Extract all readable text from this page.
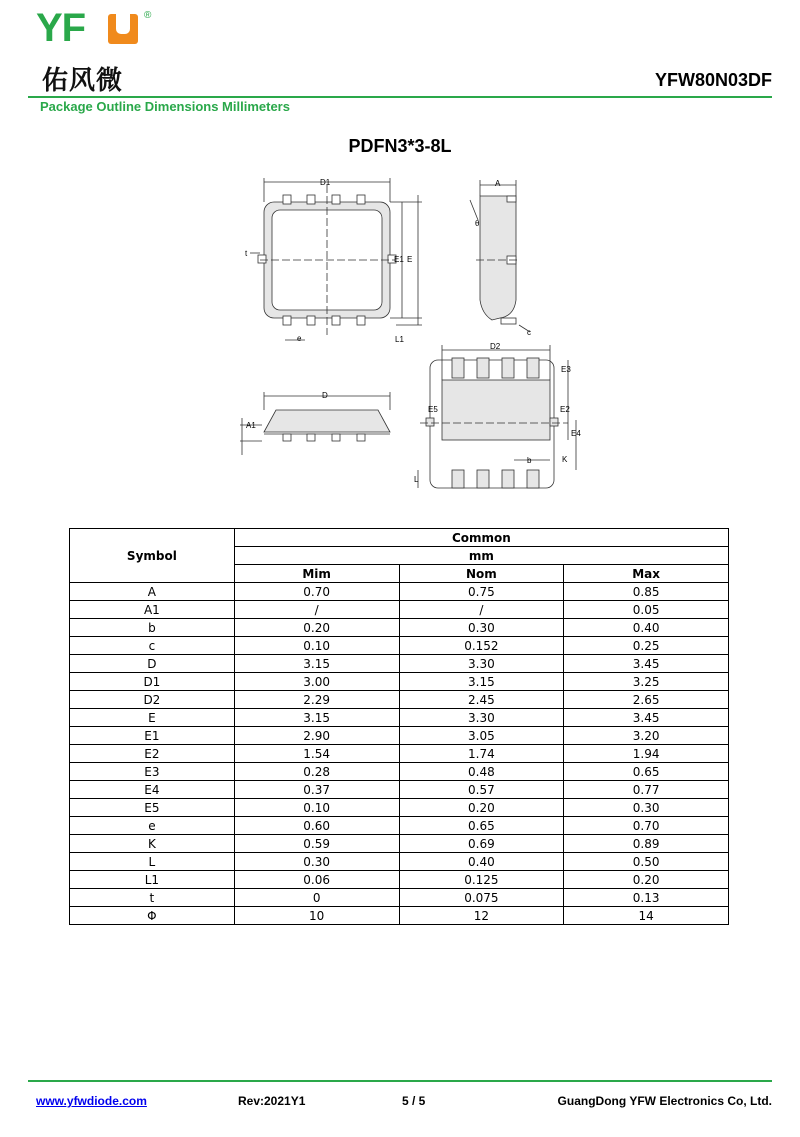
YF	®
佑风微	YFW80N03DF
Package Outline Dimensions Millimeters
PDFN3*3-8L
D1
E1 E
t
e	L1
A
θ
c
D
A1
D2
E3
E5	E2
E4
b	K
L
Symbol	Common		
	mm		
	Mim	Nom	Max
A	0.70	0.75	0.85
A1	/	/	0.05
b	0.20	0.30	0.40
c	0.10	0.152	0.25
D	3.15	3.30	3.45
D1	3.00	3.15	3.25
D2	2.29	2.45	2.65
E	3.15	3.30	3.45
E1	2.90	3.05	3.20
E2	1.54	1.74	1.94
E3	0.28	0.48	0.65
E4	0.37	0.57	0.77
E5	0.10	0.20	0.30
e	0.60	0.65	0.70
K	0.59	0.69	0.89
L	0.30	0.40	0.50
L1	0.06	0.125	0.20
t	0	0.075	0.13
Φ	10	12	14
www.yfwdiode.com	Rev:2021Y1	5 / 5	GuangDong YFW Electronics Co, Ltd.
